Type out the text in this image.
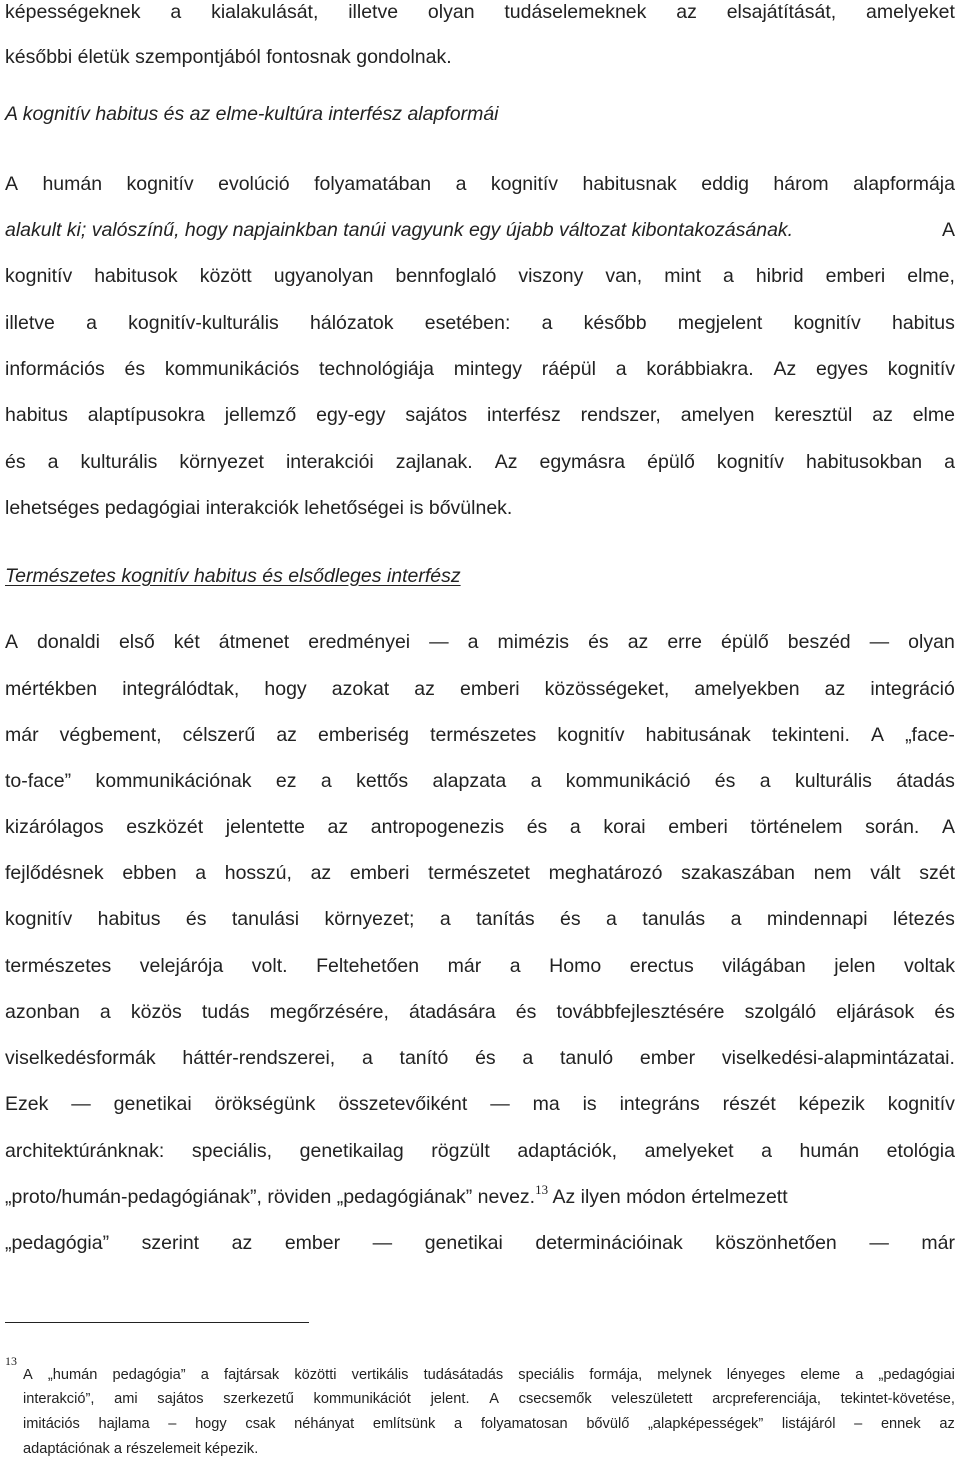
képességeknek a kialakulását, illetve olyan tudáselemeknek az elsajátítását, amelyeket
későbbi életük szempontjából fontosnak gondolnak.
A kognitív habitus és az elme-kultúra interfész alapformái
A humán kognitív evolúció folyamatában a kognitív habitusnak eddig három alapformája
alakult ki; valószínű, hogy napjainkban tanúi vagyunk egy újabb változat kibontakozásának.	A
kognitív habitusok között ugyanolyan bennfoglaló viszony van, mint a hibrid emberi elme,
illetve a kognitív-kulturális hálózatok esetében: a később megjelent kognitív habitus
információs és kommunikációs technológiája mintegy ráépül a korábbiakra. Az egyes kognitív
habitus alaptípusokra jellemző egy-egy sajátos interfész rendszer, amelyen keresztül az elme
és a kulturális környezet interakciói zajlanak. Az egymásra épülő kognitív habitusokban a
lehetséges pedagógiai interakciók lehetőségei is bővülnek.
Természetes kognitív habitus és elsődleges interfész
A donaldi első két átmenet eredményei — a mimézis és az erre épülő beszéd — olyan
mértékben integrálódtak, hogy azokat az emberi közösségeket, amelyekben az integráció
már végbement, célszerű az emberiség természetes kognitív habitusának tekinteni. A „face-
to-face” kommunikációnak ez a kettős alapzata a kommunikáció és a kulturális átadás
kizárólagos eszközét jelentette az antropogenezis és a korai emberi történelem során. A
fejlődésnek ebben a hosszú, az emberi természetet meghatározó szakaszában nem vált szét
kognitív habitus és tanulási környezet; a tanítás és a tanulás a mindennapi létezés
természetes velejárója volt. Feltehetően már a Homo erectus világában jelen voltak
azonban a közös tudás megőrzésére, átadására és továbbfejlesztésére szolgáló eljárások és
viselkedésformák háttér-rendszerei, a tanító és a tanuló ember viselkedési-alapmintázatai.
Ezek — genetikai örökségünk összetevőiként — ma is integráns részét képezik kognitív
architektúránknak: speciális, genetikailag rögzült adaptációk, amelyeket a humán etológia
„proto/humán-pedagógiának”, röviden „pedagógiának” nevez.$^{13}$ Az ilyen módon értelmezett
„pedagógia” szerint az ember — genetikai determinációinak köszönhetően — már
13
A „humán pedagógia” a fajtársak közötti vertikális tudásátadás speciális formája, melynek lényeges eleme a „pedagógiai
interakció”, ami sajátos szerkezetű kommunikációt jelent. A csecsemők veleszületett arcpreferenciája, tekintet-követése,
imitációs hajlama – hogy csak néhányat említsünk a folyamatosan bővülő „alapképességek” listájáról – ennek az
adaptációnak a részelemeit képezik.
